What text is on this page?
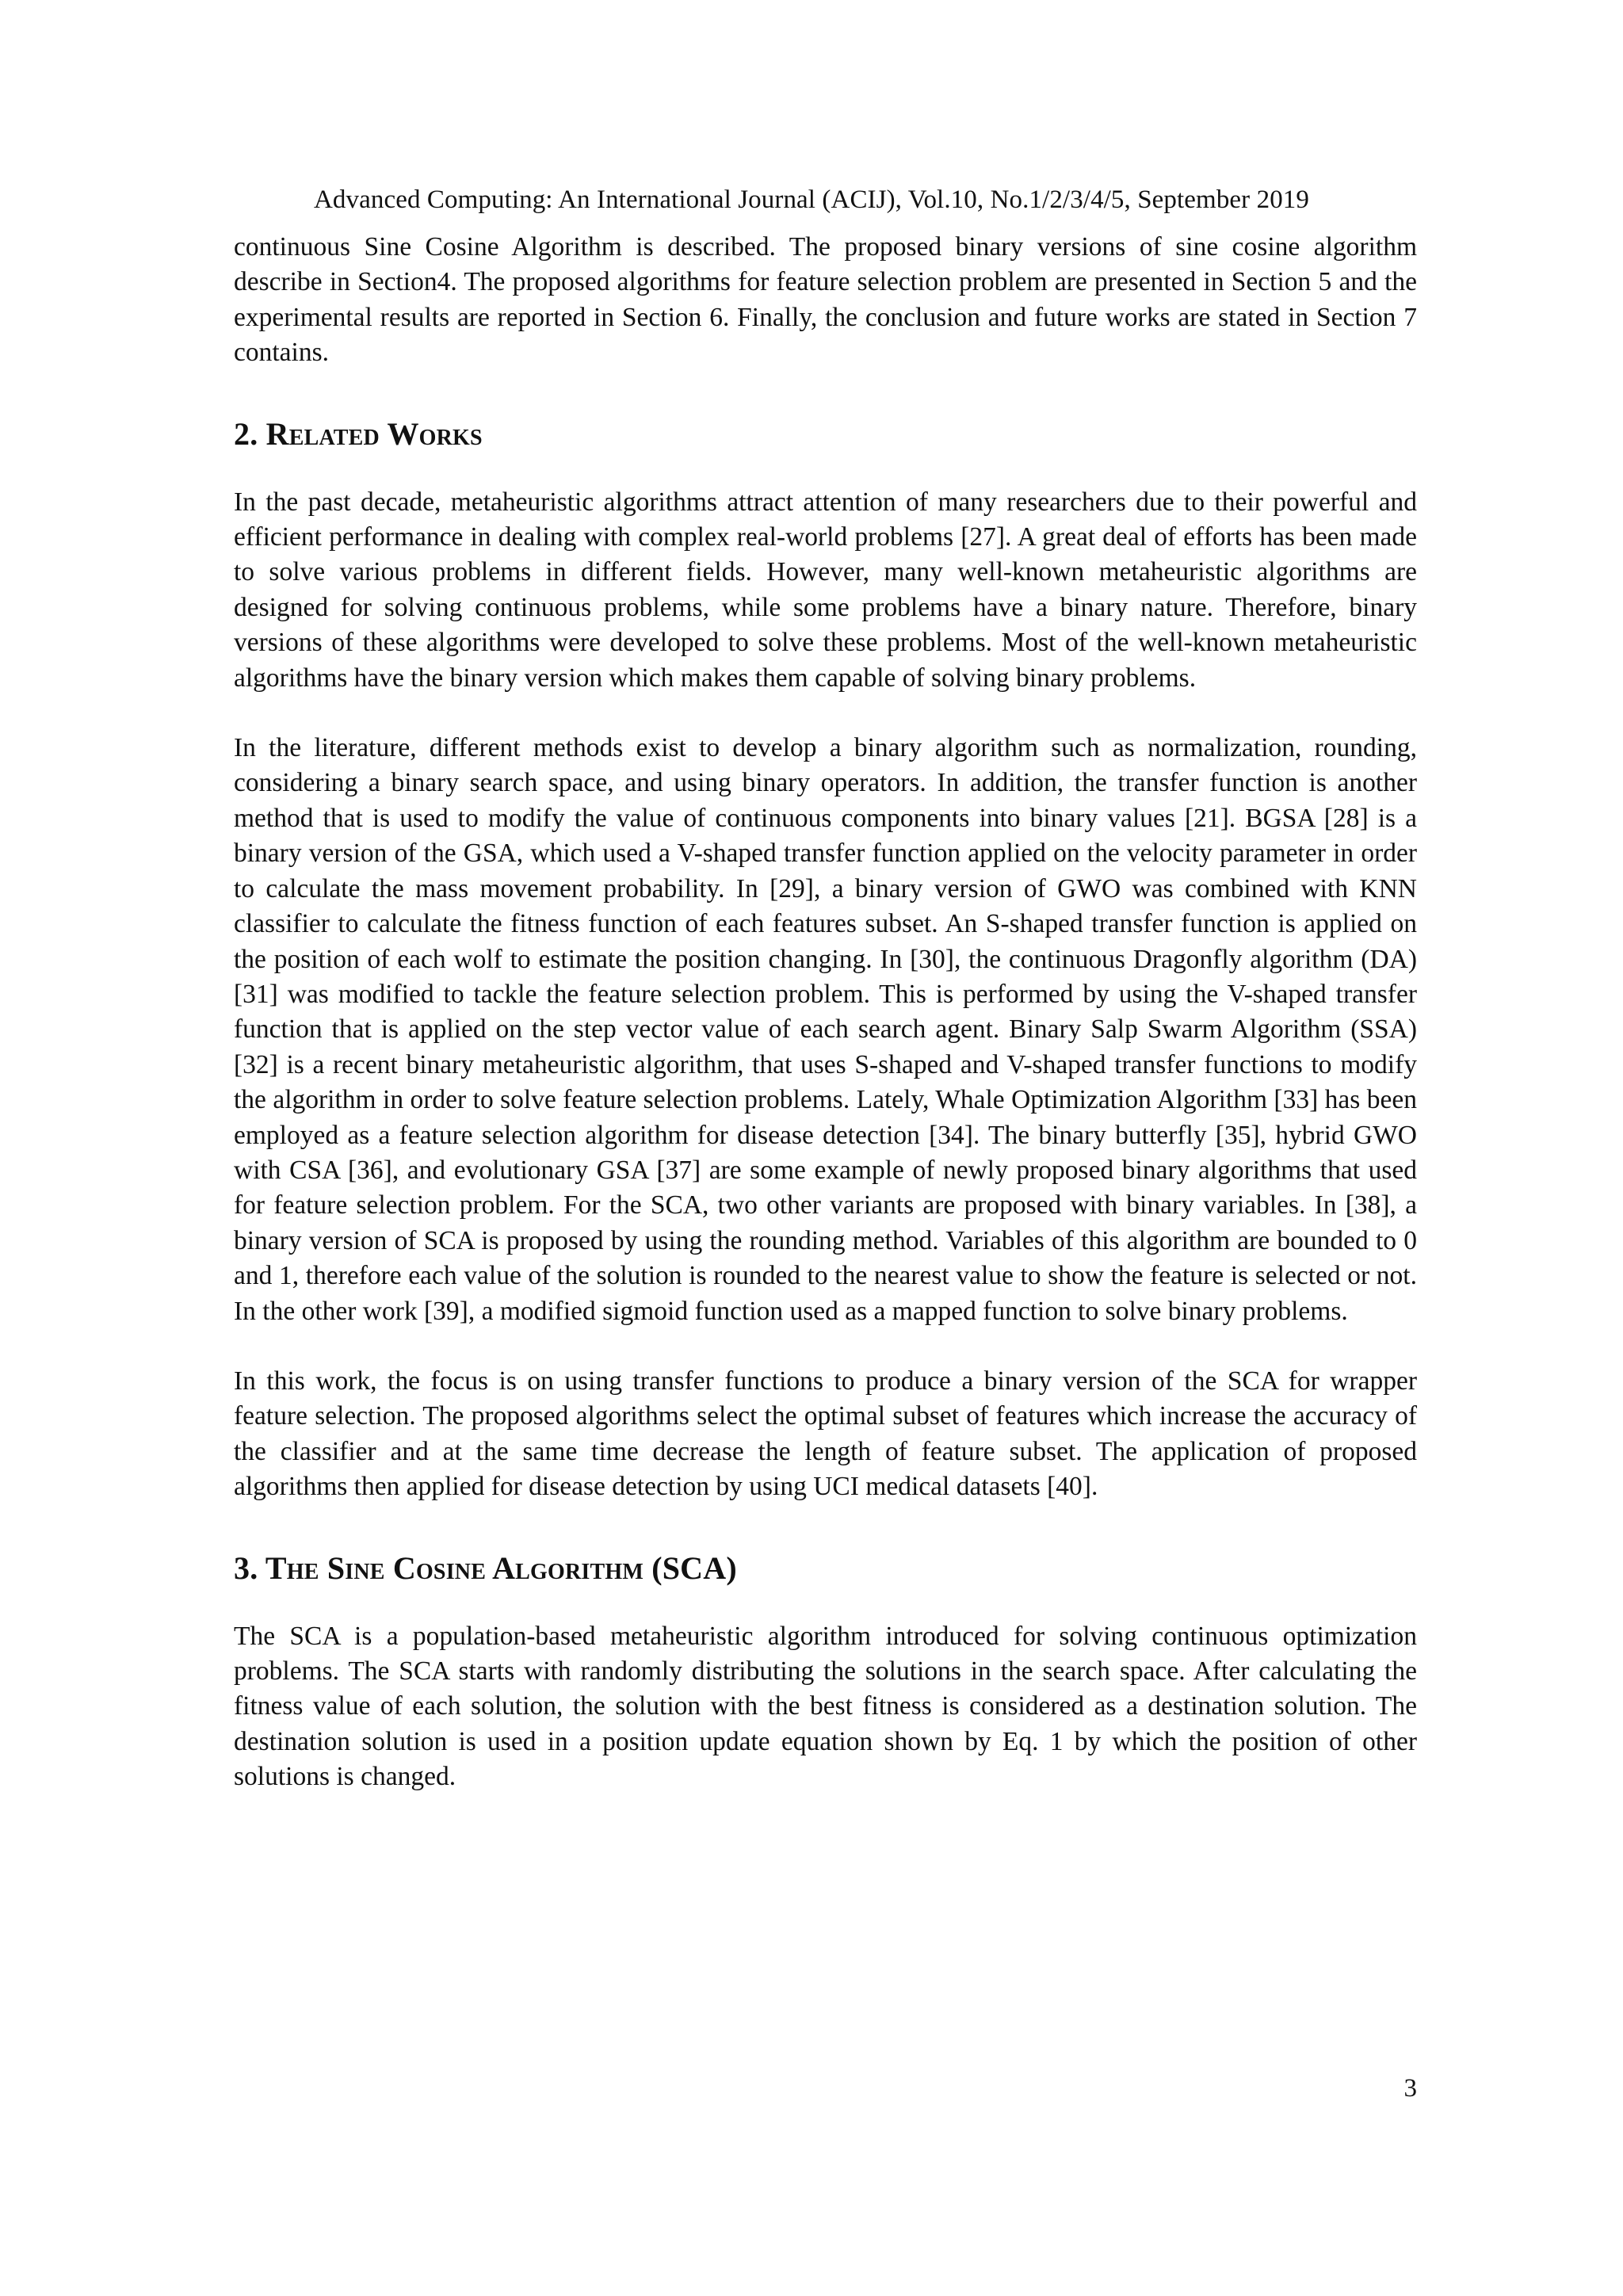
Advanced Computing: An International Journal (ACIJ), Vol.10, No.1/2/3/4/5, September 2019

continuous Sine Cosine Algorithm is described. The proposed binary versions of sine cosine algorithm describe in Section4. The proposed algorithms for feature selection problem are presented in Section 5 and the experimental results are reported in Section 6. Finally, the conclusion and future works are stated in Section 7 contains.

2. Related Works

In the past decade, metaheuristic algorithms attract attention of many researchers due to their powerful and efficient performance in dealing with complex real-world problems [27]. A great deal of efforts has been made to solve various problems in different fields. However, many well-known metaheuristic algorithms are designed for solving continuous problems, while some problems have a binary nature. Therefore, binary versions of these algorithms were developed to solve these problems. Most of the well-known metaheuristic algorithms have the binary version which makes them capable of solving binary problems.

In the literature, different methods exist to develop a binary algorithm such as normalization, rounding, considering a binary search space, and using binary operators. In addition, the transfer function is another method that is used to modify the value of continuous components into binary values [21]. BGSA [28] is a binary version of the GSA, which used a V-shaped transfer function applied on the velocity parameter in order to calculate the mass movement probability. In [29], a binary version of GWO was combined with KNN classifier to calculate the fitness function of each features subset. An S-shaped transfer function is applied on the position of each wolf to estimate the position changing. In [30], the continuous Dragonfly algorithm (DA) [31] was modified to tackle the feature selection problem. This is performed by using the V-shaped transfer function that is applied on the step vector value of each search agent. Binary Salp Swarm Algorithm (SSA) [32] is a recent binary metaheuristic algorithm, that uses S-shaped and V-shaped transfer functions to modify the algorithm in order to solve feature selection problems. Lately, Whale Optimization Algorithm [33] has been employed as a feature selection algorithm for disease detection [34]. The binary butterfly [35], hybrid GWO with CSA [36], and evolutionary GSA [37] are some example of newly proposed binary algorithms that used for feature selection problem. For the SCA, two other variants are proposed with binary variables. In [38], a binary version of SCA is proposed by using the rounding method. Variables of this algorithm are bounded to 0 and 1, therefore each value of the solution is rounded to the nearest value to show the feature is selected or not. In the other work [39], a modified sigmoid function used as a mapped function to solve binary problems.

In this work, the focus is on using transfer functions to produce a binary version of the SCA for wrapper feature selection. The proposed algorithms select the optimal subset of features which increase the accuracy of the classifier and at the same time decrease the length of feature subset. The application of proposed algorithms then applied for disease detection by using UCI medical datasets [40].

3. The Sine Cosine Algorithm (SCA)

The SCA is a population-based metaheuristic algorithm introduced for solving continuous optimization problems. The SCA starts with randomly distributing the solutions in the search space. After calculating the fitness value of each solution, the solution with the best fitness is considered as a destination solution. The destination solution is used in a position update equation shown by Eq. 1 by which the position of other solutions is changed.

3
